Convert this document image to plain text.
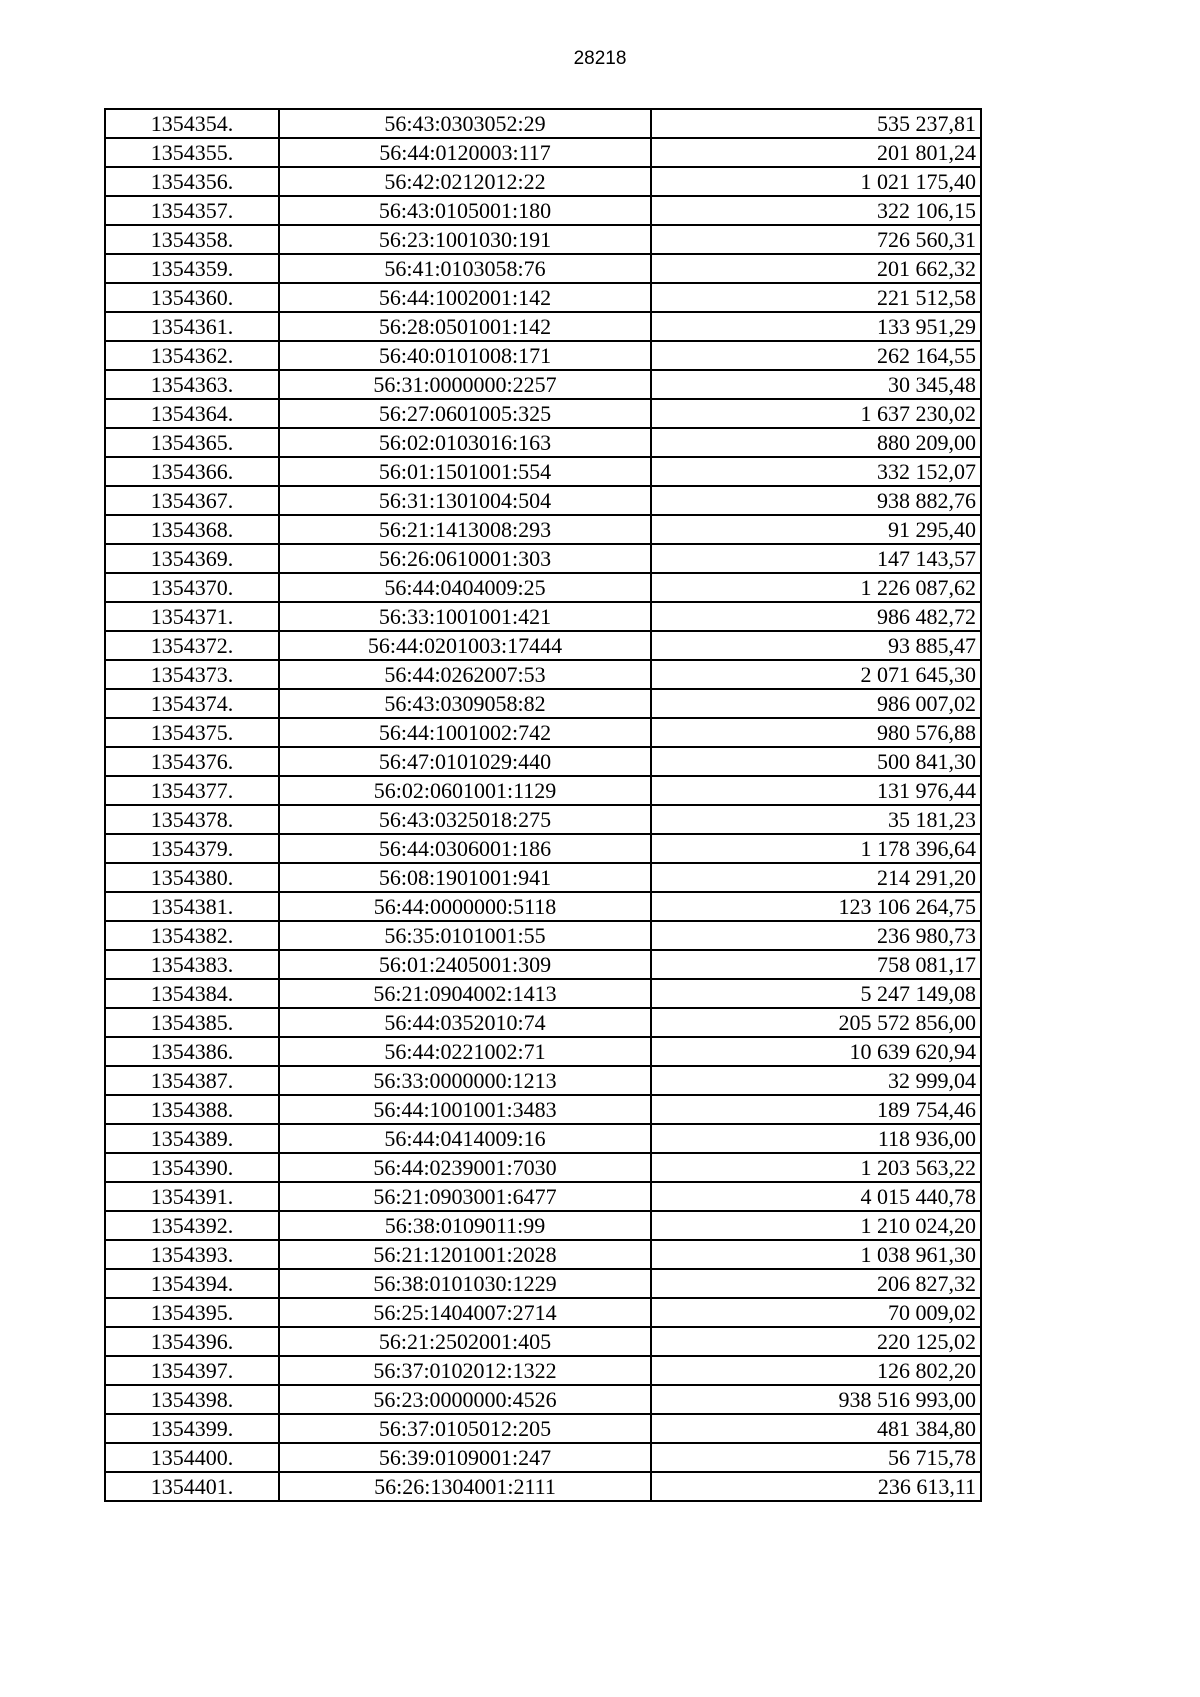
28218
1354354.	56:43:0303052:29	535 237,81
1354355.	56:44:0120003:117	201 801,24
1354356.	56:42:0212012:22	1 021 175,40
1354357.	56:43:0105001:180	322 106,15
1354358.	56:23:1001030:191	726 560,31
1354359.	56:41:0103058:76	201 662,32
1354360.	56:44:1002001:142	221 512,58
1354361.	56:28:0501001:142	133 951,29
1354362.	56:40:0101008:171	262 164,55
1354363.	56:31:0000000:2257	30 345,48
1354364.	56:27:0601005:325	1 637 230,02
1354365.	56:02:0103016:163	880 209,00
1354366.	56:01:1501001:554	332 152,07
1354367.	56:31:1301004:504	938 882,76
1354368.	56:21:1413008:293	91 295,40
1354369.	56:26:0610001:303	147 143,57
1354370.	56:44:0404009:25	1 226 087,62
1354371.	56:33:1001001:421	986 482,72
1354372.	56:44:0201003:17444	93 885,47
1354373.	56:44:0262007:53	2 071 645,30
1354374.	56:43:0309058:82	986 007,02
1354375.	56:44:1001002:742	980 576,88
1354376.	56:47:0101029:440	500 841,30
1354377.	56:02:0601001:1129	131 976,44
1354378.	56:43:0325018:275	35 181,23
1354379.	56:44:0306001:186	1 178 396,64
1354380.	56:08:1901001:941	214 291,20
1354381.	56:44:0000000:5118	123 106 264,75
1354382.	56:35:0101001:55	236 980,73
1354383.	56:01:2405001:309	758 081,17
1354384.	56:21:0904002:1413	5 247 149,08
1354385.	56:44:0352010:74	205 572 856,00
1354386.	56:44:0221002:71	10 639 620,94
1354387.	56:33:0000000:1213	32 999,04
1354388.	56:44:1001001:3483	189 754,46
1354389.	56:44:0414009:16	118 936,00
1354390.	56:44:0239001:7030	1 203 563,22
1354391.	56:21:0903001:6477	4 015 440,78
1354392.	56:38:0109011:99	1 210 024,20
1354393.	56:21:1201001:2028	1 038 961,30
1354394.	56:38:0101030:1229	206 827,32
1354395.	56:25:1404007:2714	70 009,02
1354396.	56:21:2502001:405	220 125,02
1354397.	56:37:0102012:1322	126 802,20
1354398.	56:23:0000000:4526	938 516 993,00
1354399.	56:37:0105012:205	481 384,80
1354400.	56:39:0109001:247	56 715,78
1354401.	56:26:1304001:2111	236 613,11
